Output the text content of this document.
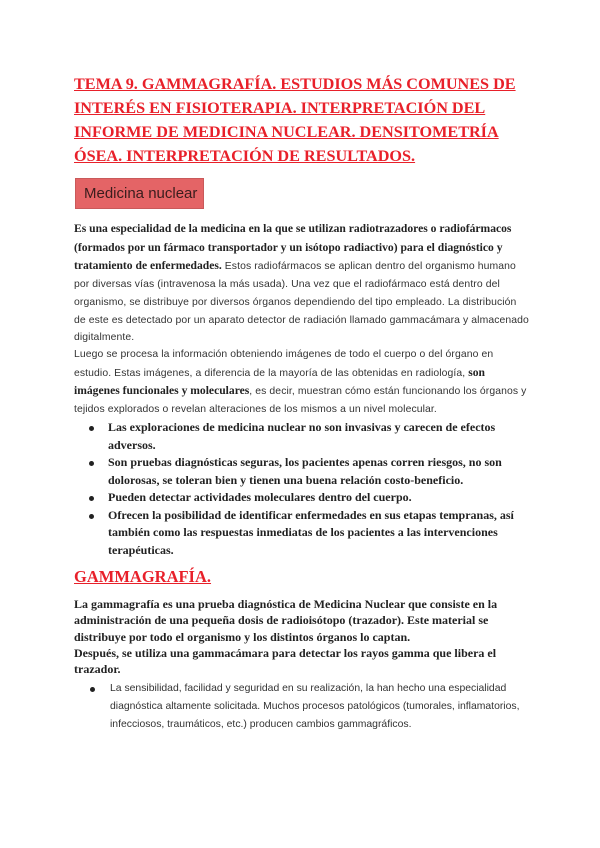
TEMA 9. GAMMAGRAFÍA. ESTUDIOS MÁS COMUNES DE INTERÉS EN FISIOTERAPIA. INTERPRETACIÓN DEL INFORME DE MEDICINA NUCLEAR. DENSITOMETRÍA ÓSEA. INTERPRETACIÓN DE RESULTADOS.
Medicina nuclear
Es una especialidad de la medicina en la que se utilizan radiotrazadores o radiofármacos (formados por un fármaco transportador y un isótopo radiactivo) para el diagnóstico y tratamiento de enfermedades. Estos radiofármacos se aplican dentro del organismo humano por diversas vías (intravenosa la más usada). Una vez que el radiofármaco está dentro del organismo, se distribuye por diversos órganos dependiendo del tipo empleado. La distribución de este es detectado por un aparato detector de radiación llamado gammacámara y almacenado digitalmente.
Luego se procesa la información obteniendo imágenes de todo el cuerpo o del órgano en estudio. Estas imágenes, a diferencia de la mayoría de las obtenidas en radiología, son imágenes funcionales y moleculares, es decir, muestran cómo están funcionando los órganos y tejidos explorados o revelan alteraciones de los mismos a un nivel molecular.
Las exploraciones de medicina nuclear no son invasivas y carecen de efectos adversos.
Son pruebas diagnósticas seguras, los pacientes apenas corren riesgos, no son dolorosas, se toleran bien y tienen una buena relación costo-beneficio.
Pueden detectar actividades moleculares dentro del cuerpo.
Ofrecen la posibilidad de identificar enfermedades en sus etapas tempranas, así también como las respuestas inmediatas de los pacientes a las intervenciones terapéuticas.
GAMMAGRAFÍA.
La gammagrafía es una prueba diagnóstica de Medicina Nuclear que consiste en la administración de una pequeña dosis de radioisótopo (trazador). Este material se distribuye por todo el organismo y los distintos órganos lo captan.
Después, se utiliza una gammacámara para detectar los rayos gamma que libera el trazador.
La sensibilidad, facilidad y seguridad en su realización, la han hecho una especialidad diagnóstica altamente solicitada. Muchos procesos patológicos (tumorales, inflamatorios, infecciosos, traumáticos, etc.) producen cambios gammagráficos.
